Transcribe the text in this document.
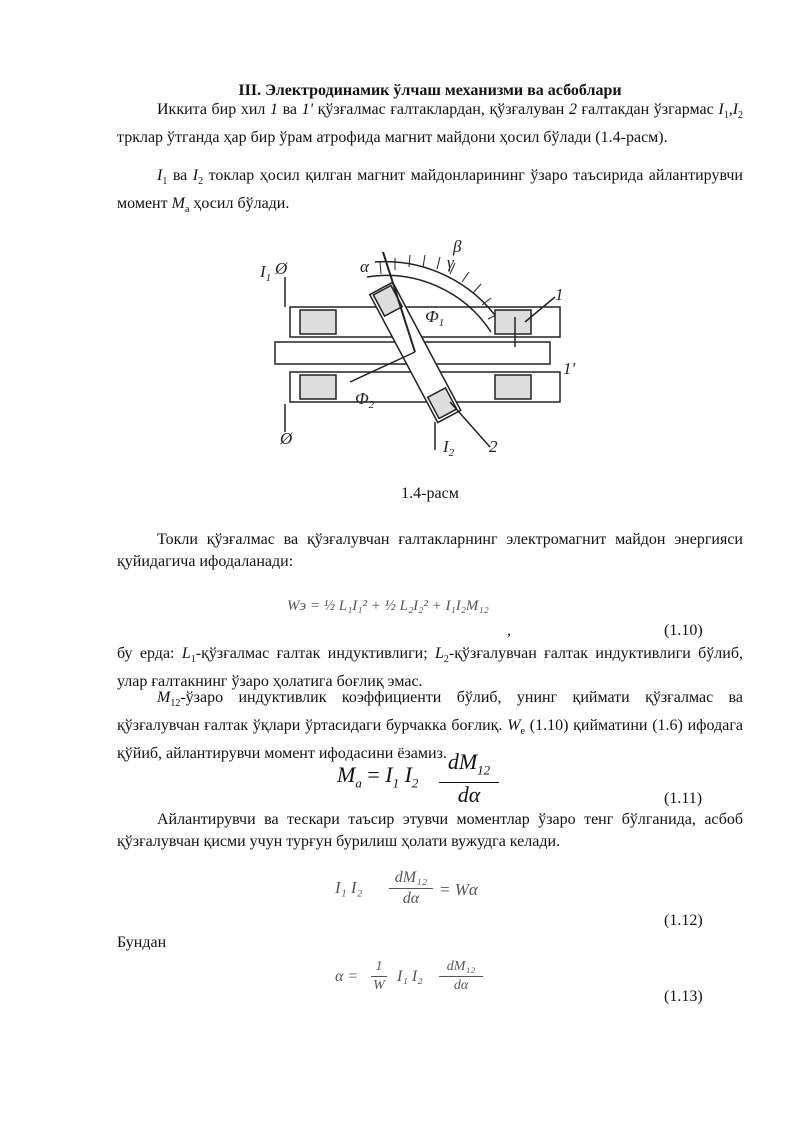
III. Электродинамик ўлчаш механизми ва асбоблари
Иккита бир хил 1 ва 1' қўзғалмас ғалтаклардан, қўзғалуван 2 ғалтакдан ўзгармас $I_1,I_2$ трклар ўтганда ҳар бир ўрам атрофида магнит майдони ҳосил бўлади (1.4-расм).
$I_1$ ва $I_2$ токлар ҳосил қилган магнит майдонларининг ўзаро таъсирида айлантирувчи момент $M_a$ ҳосил бўлади.
1.4-расм
Токли қўзғалмас ва қўзғалувчан ғалтакларнинг электромагнит майдон энергияси қуйидагича ифодаланади:
Wэ = ½ L₁I₁² + ½ L₂I₂² + I₁I₂M₁₂
,	(1.10)
бу ерда: $L_1$-қўзғалмас ғалтак индуктивлиги; $L_2$-қўзғалувчан ғалтак индуктивлиги бўлиб, улар ғалтакнинг ўзаро ҳолатига боғлиқ эмас.
$M_{12}$-ўзаро индуктивлик коэффициенти бўлиб, унинг қиймати қўзғалмас ва қўзғалувчан ғалтак ўқлари ўртасидаги бурчакка боғлиқ. $W_e$ (1.10) қийматини (1.6) ифодага қўйиб, айлантирувчи момент ифодасини ёзамиз.
$M_a = I_1$ $I_2$
$dM_{12}$
dα	(1.11)
Айлантирувчи ва тескари таъсир этувчи моментлар ўзаро тенг бўлганида, асбоб қўзғалувчан қисми учун турғун бурилиш ҳолати вужудга келади.
I₁ I₂
dM₁₂
dα	= Wα
(1.12)
Бундан
α =
1
W
I₁ I₂
dM₁₂
dα
(1.13)
$I_1$ Ø
Ø	$I_2$
$Ф_1$
$Ф_2$
α
β
γ
1
1'
2
